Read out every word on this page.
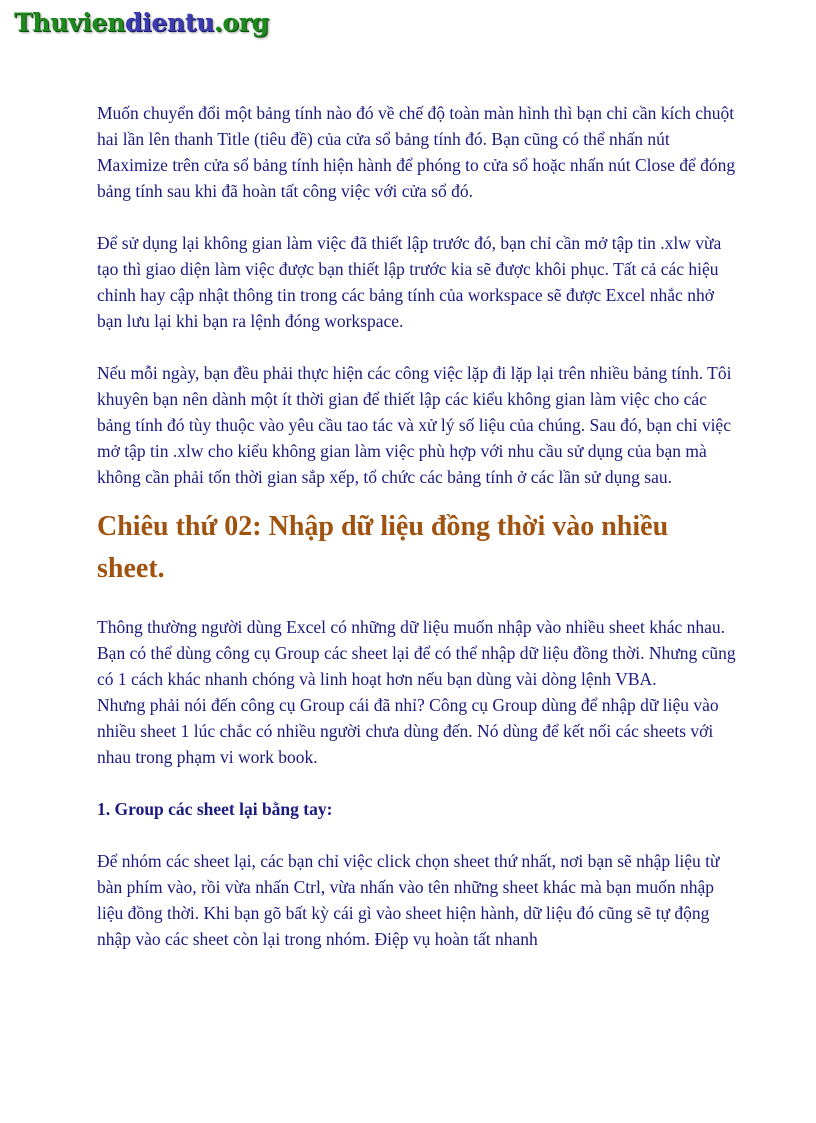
Thuviendientu.org

Muốn chuyển đổi một bảng tính nào đó về chế độ toàn màn hình thì bạn chỉ cần kích chuột hai lần lên thanh Title (tiêu đề) của cửa sổ bảng tính đó. Bạn cũng có thể nhấn nút Maximize trên cửa sổ bảng tính hiện hành để phóng to cửa sổ hoặc nhấn nút Close để đóng bảng tính sau khi đã hoàn tất công việc với cửa sổ đó.

Để sử dụng lại không gian làm việc đã thiết lập trước đó, bạn chỉ cần mở tập tin .xlw vừa tạo thì giao diện làm việc được bạn thiết lập trước kia sẽ được khôi phục. Tất cả các hiệu chỉnh hay cập nhật thông tin trong các bảng tính của workspace sẽ được Excel nhắc nhở bạn lưu lại khi bạn ra lệnh đóng workspace.

Nếu mỗi ngày, bạn đều phải thực hiện các công việc lặp đi lặp lại trên nhiều bảng tính. Tôi khuyên bạn nên dành một ít thời gian để thiết lập các kiểu không gian làm việc cho các bảng tính đó tùy thuộc vào yêu cầu tao tác và xử lý số liệu của chúng. Sau đó, bạn chỉ việc mở tập tin .xlw cho kiểu không gian làm việc phù hợp với nhu cầu sử dụng của bạn mà không cần phải tốn thời gian sắp xếp, tổ chức các bảng tính ở các lần sử dụng sau.

Chiêu thứ 02: Nhập dữ liệu đồng thời vào nhiều sheet.

Thông thường người dùng Excel có những dữ liệu muốn nhập vào nhiều sheet khác nhau. Bạn có thể dùng công cụ Group các sheet lại để có thể nhập dữ liệu đồng thời. Nhưng cũng có 1 cách khác nhanh chóng và linh hoạt hơn nếu bạn dùng vài dòng lệnh VBA.

Nhưng phải nói đến công cụ Group cái đã nhỉ? Công cụ Group dùng để nhập dữ liệu vào nhiều sheet 1 lúc chắc có nhiều người chưa dùng đến. Nó dùng để kết nối các sheets với nhau trong phạm vi work book.

1. Group các sheet lại bằng tay:

Để nhóm các sheet lại, các bạn chỉ việc click chọn sheet thứ nhất, nơi bạn sẽ nhập liệu từ bàn phím vào, rồi vừa nhấn Ctrl, vừa nhấn vào tên những sheet khác mà bạn muốn nhập liệu đồng thời. Khi bạn gõ bất kỳ cái gì vào sheet hiện hành, dữ liệu đó cũng sẽ tự động nhập vào các sheet còn lại trong nhóm. Điệp vụ hoàn tất nhanh
